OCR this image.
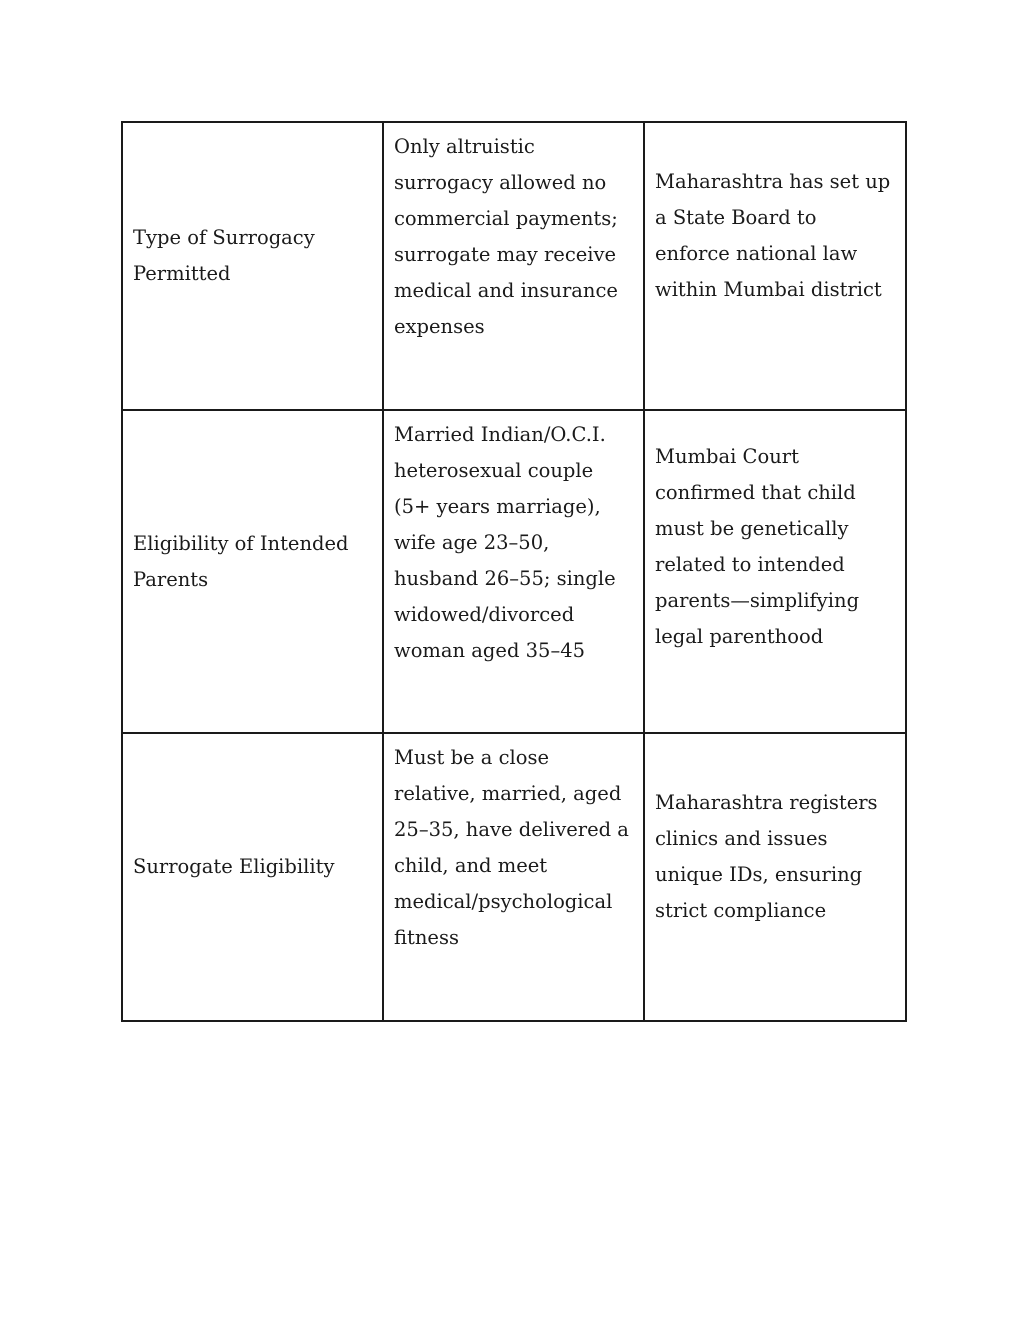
Type of Surrogacy Permitted	Only altruistic surrogacy allowed no commercial payments; surrogate may receive medical and insurance expenses	Maharashtra has set up a State Board to enforce national law within Mumbai district
Eligibility of Intended Parents	Married Indian/O.C.I. heterosexual couple (5+ years marriage), wife age 23–50, husband 26–55; single widowed/divorced woman aged 35–45	Mumbai Court confirmed that child must be genetically related to intended parents—simplifying legal parenthood
Surrogate Eligibility	Must be a close relative, married, aged 25–35, have delivered a child, and meet medical/psychological fitness	Maharashtra registers clinics and issues unique IDs, ensuring strict compliance
